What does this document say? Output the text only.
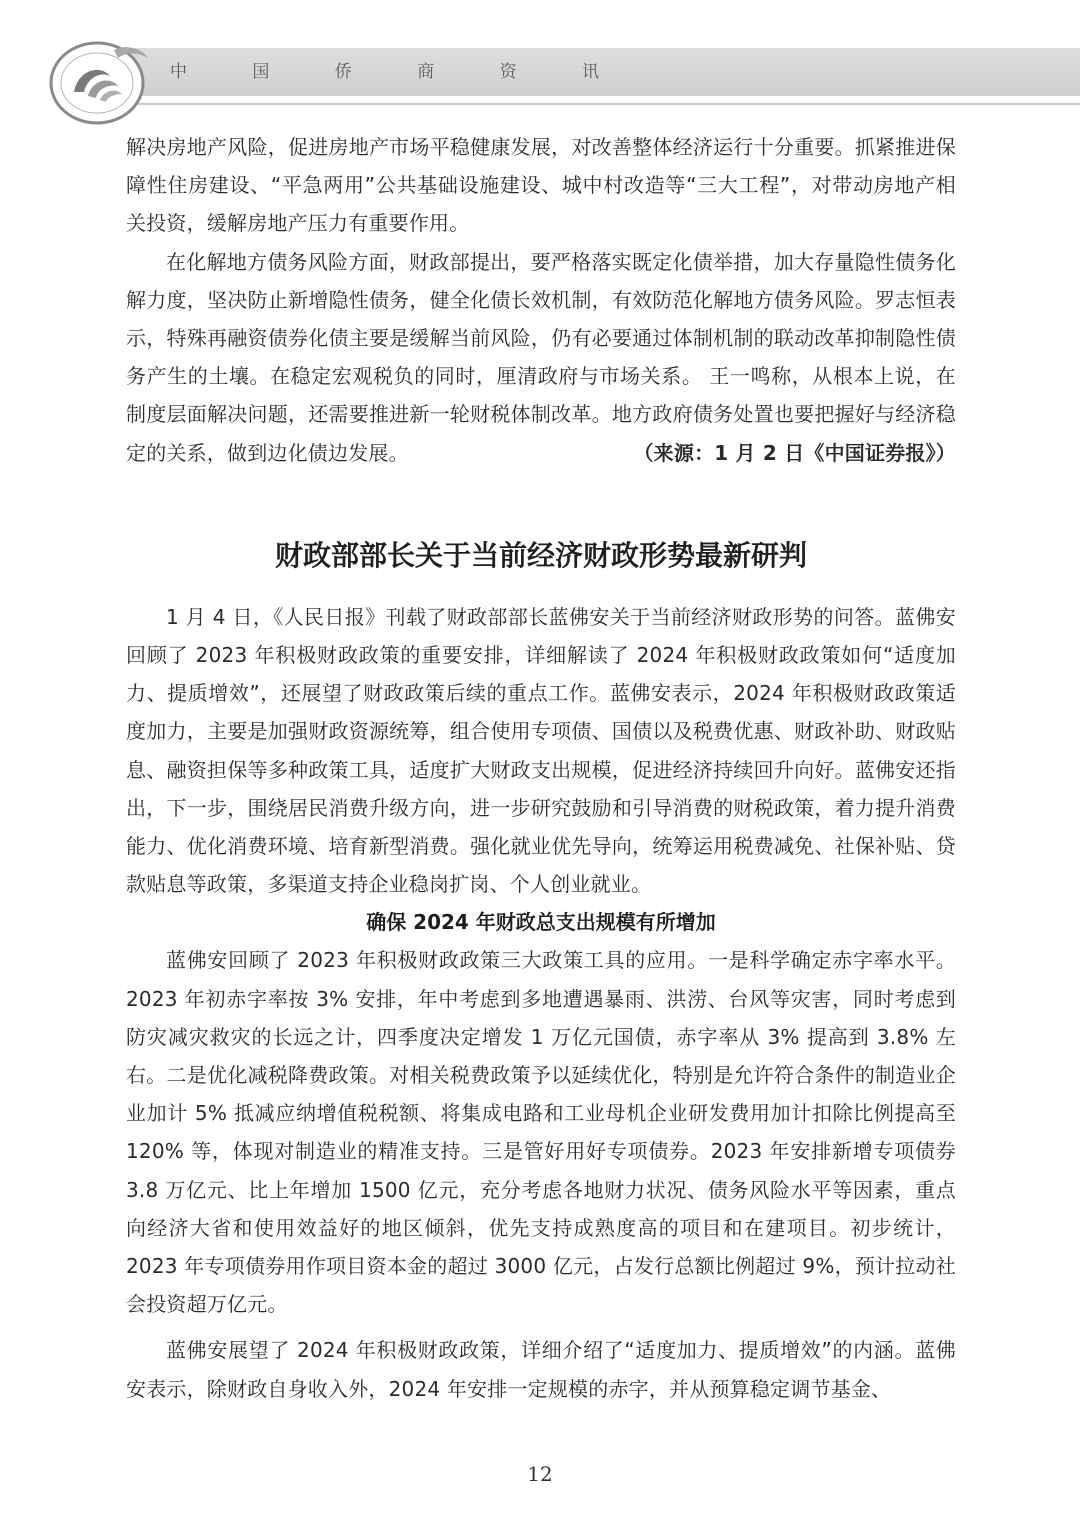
中 国 侨 商 资 讯

解决房地产风险，促进房地产市场平稳健康发展，对改善整体经济运行十分重要。抓紧推进保障性住房建设、“平急两用”公共基础设施建设、城中村改造等“三大工程”，对带动房地产相关投资，缓解房地产压力有重要作用。

在化解地方债务风险方面，财政部提出，要严格落实既定化债举措，加大存量隐性债务化解力度，坚决防止新增隐性债务，健全化债长效机制，有效防范化解地方债务风险。罗志恒表示，特殊再融资债券化债主要是缓解当前风险，仍有必要通过体制机制的联动改革抑制隐性债务产生的土壤。在稳定宏观税负的同时，厘清政府与市场关系。 王一鸣称，从根本上说，在制度层面解决问题，还需要推进新一轮财税体制改革。地方政府债务处置也要把握好与经济稳定的关系，做到边化债边发展。	（来源：1 月 2 日《中国证券报》）

财政部部长关于当前经济财政形势最新研判

1 月 4 日，《人民日报》刊载了财政部部长蓝佛安关于当前经济财政形势的问答。蓝佛安回顾了 2023 年积极财政政策的重要安排，详细解读了 2024 年积极财政政策如何“适度加力、提质增效”，还展望了财政政策后续的重点工作。蓝佛安表示，2024 年积极财政政策适度加力，主要是加强财政资源统筹，组合使用专项债、国债以及税费优惠、财政补助、财政贴息、融资担保等多种政策工具，适度扩大财政支出规模，促进经济持续回升向好。蓝佛安还指出，下一步，围绕居民消费升级方向，进一步研究鼓励和引导消费的财税政策，着力提升消费能力、优化消费环境、培育新型消费。强化就业优先导向，统筹运用税费减免、社保补贴、贷款贴息等政策，多渠道支持企业稳岗扩岗、个人创业就业。

确保 2024 年财政总支出规模有所增加

蓝佛安回顾了 2023 年积极财政政策三大政策工具的应用。一是科学确定赤字率水平。2023 年初赤字率按 3% 安排，年中考虑到多地遭遇暴雨、洪涝、台风等灾害，同时考虑到防灾减灾救灾的长远之计，四季度决定增发 1 万亿元国债，赤字率从 3% 提高到 3.8% 左右。二是优化减税降费政策。对相关税费政策予以延续优化，特别是允许符合条件的制造业企业加计 5% 抵减应纳增值税税额、将集成电路和工业母机企业研发费用加计扣除比例提高至 120% 等，体现对制造业的精准支持。三是管好用好专项债券。2023 年安排新增专项债券 3.8 万亿元、比上年增加 1500 亿元，充分考虑各地财力状况、债务风险水平等因素，重点向经济大省和使用效益好的地区倾斜，优先支持成熟度高的项目和在建项目。初步统计，2023 年专项债券用作项目资本金的超过 3000 亿元，占发行总额比例超过 9%，预计拉动社会投资超万亿元。

蓝佛安展望了 2024 年积极财政政策，详细介绍了“适度加力、提质增效”的内涵。蓝佛安表示，除财政自身收入外，2024 年安排一定规模的赤字，并从预算稳定调节基金、

12
